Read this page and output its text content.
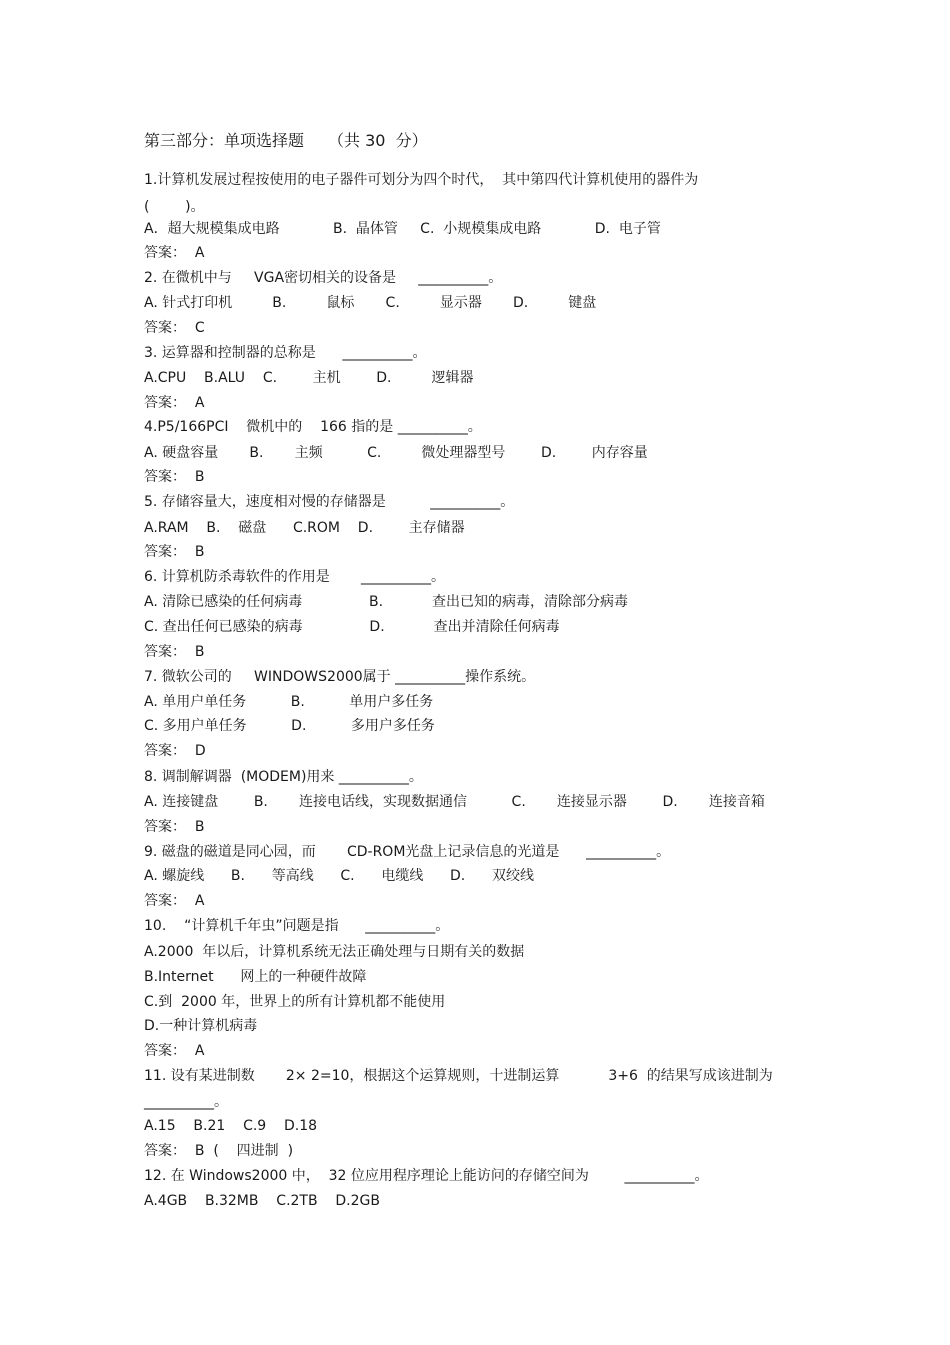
第三部分：单项选择题　　（共 30  分）
1.计算机发展过程按使用的电子器件可划分为四个时代，  其中第四代计算机使用的器件为
(        )。
A．超大规模集成电路            B.  晶体管     C.  小规模集成电路            D.  电子管
答案：  A
2. 在微机中与     VGA密切相关的设备是     __________。
A. 针式打印机         B.         鼠标       C.         显示器       D.         键盘
答案：  C
3. 运算器和控制器的总称是      __________。
A.CPU    B.ALU    C.        主机        D.         逻辑器
答案：  A
4.P5/166PCI    微机中的    166 指的是 __________。
A. 硬盘容量       B.       主频          C.         微处理器型号        D.        内存容量
答案：  B
5. 存储容量大，速度相对慢的存储器是          __________。
A.RAM    B.    磁盘      C.ROM    D.        主存储器
答案：  B
6. 计算机防杀毒软件的作用是       __________。
A. 清除已感染的任何病毒               B.           查出已知的病毒，清除部分病毒
C. 查出任何已感染的病毒               D.           查出并清除任何病毒
答案：  B
7. 微软公司的     WINDOWS2000属于 __________操作系统。
A. 单用户单任务          B.          单用户多任务
C. 多用户单任务          D.          多用户多任务
答案：  D
8. 调制解调器  (MODEM)用来 __________。
A. 连接键盘        B.       连接电话线，实现数据通信          C.       连接显示器        D.       连接音箱
答案：  B
9. 磁盘的磁道是同心园，而       CD-ROM光盘上记录信息的光道是      __________。
A. 螺旋线      B.      等高线      C.      电缆线      D.      双绞线
答案：  A
10.    “计算机千年虫”问题是指      __________。
A.2000  年以后，计算机系统无法正确处理与日期有关的数据
B.Internet      网上的一种硬件故障
C.到  2000 年，世界上的所有计算机都不能使用
D.一种计算机病毒
答案：  A
11. 设有某进制数       2× 2=10，根据这个运算规则，十进制运算           3+6  的结果写成该进制为
__________。
A.15    B.21    C.9    D.18
答案：  B  (    四进制  )
12. 在 Windows2000 中，  32 位应用程序理论上能访问的存储空间为        __________。
A.4GB    B.32MB    C.2TB    D.2GB
